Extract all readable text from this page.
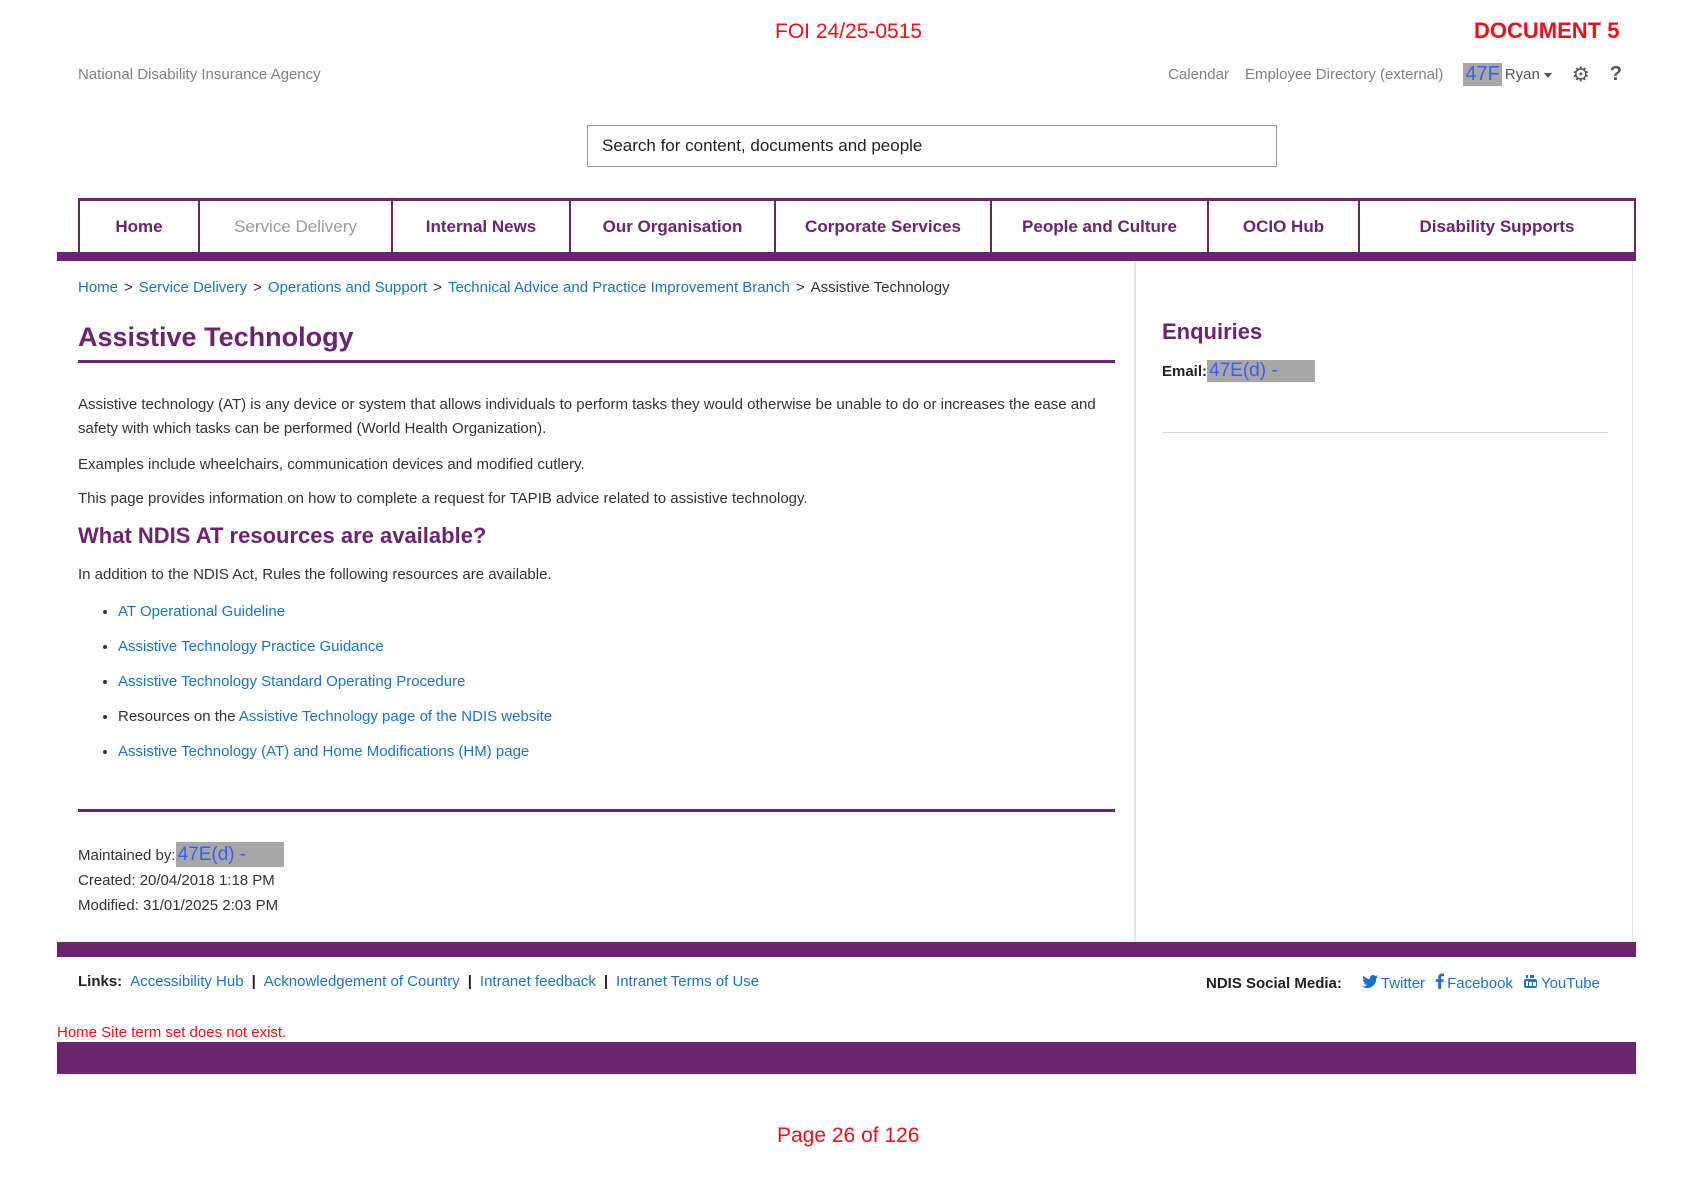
FOI 24/25-0515	DOCUMENT 5
National Disability Insurance Agency	Calendar Employee Directory (external) 47F Ryan	⚙ ?
Search for content, documents and people
Home	Service Delivery	Internal News	Our Organisation	Corporate Services	People and Culture	OCIO Hub	Disability Supports
Home > Service Delivery > Operations and Support > Technical Advice and Practice Improvement Branch > Assistive Technology
Assistive Technology

Assistive technology (AT) is any device or system that allows individuals to perform tasks they would otherwise be unable to do or increases the ease and safety with which tasks can be performed (World Health Organization).

Examples include wheelchairs, communication devices and modified cutlery.

This page provides information on how to complete a request for TAPIB advice related to assistive technology.

What NDIS AT resources are available?

In addition to the NDIS Act, Rules the following resources are available.

• AT Operational Guideline
• Assistive Technology Practice Guidance
• Assistive Technology Standard Operating Procedure
• Resources on the Assistive Technology page of the NDIS website
• Assistive Technology (AT) and Home Modifications (HM) page
Maintained by: 47E(d) -
Created: 20/04/2018 1:18 PM
Modified: 31/01/2025 2:03 PM
Enquiries
Email: 47E(d) -
Links: Accessibility Hub | Acknowledgement of Country | Intranet feedback | Intranet Terms of Use	NDIS Social Media:	Twitter Facebook YouTube
Home Site term set does not exist.
Page 26 of 126
